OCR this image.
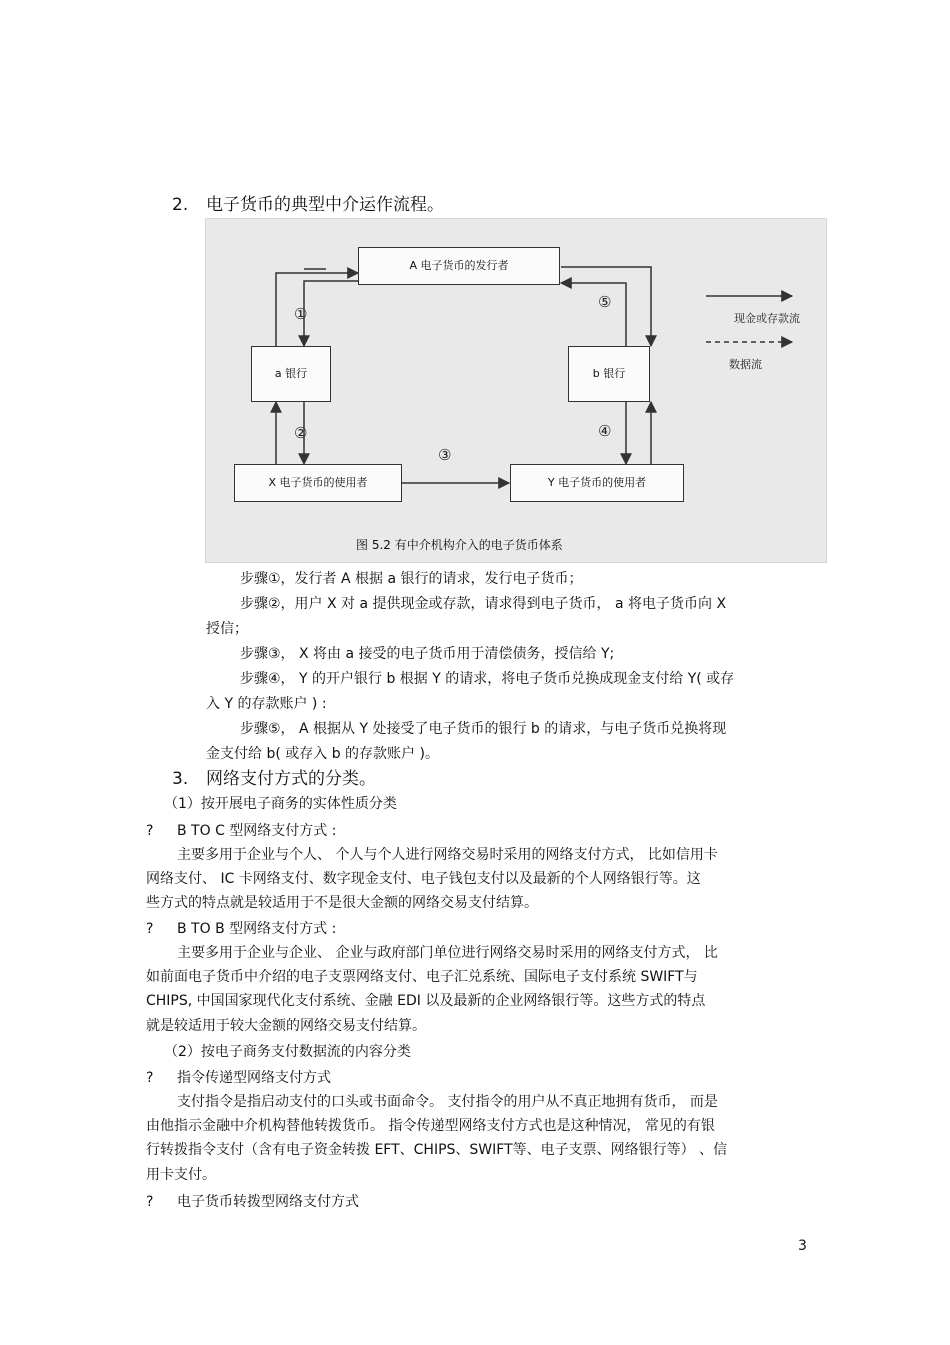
2. 电子货币的典型中介运作流程。
A 电子货币的发行者
a 银行	b 银行
X 电子货币的使用者	Y 电子货币的使用者
①
②
③
④
⑤
现金或存款流
数据流
图 5.2 有中介机构介入的电子货币体系
步骤①，发行者 A 根据 a 银行的请求，发行电子货币；
步骤②，用户 X 对 a 提供现金或存款，请求得到电子货币， a 将电子货币向 X
授信；
步骤③， X 将由 a 接受的电子货币用于清偿债务，授信给 Y;
步骤④， Y 的开户银行 b 根据 Y 的请求，将电子货币兑换成现金支付给 Y( 或存
入 Y 的存款账户 ) :
步骤⑤， A 根据从 Y 处接受了电子货币的银行 b 的请求，与电子货币兑换将现
金支付给 b( 或存入 b 的存款账户 )。
3. 网络支付方式的分类。
（1）按开展电子商务的实体性质分类
? B TO C 型网络支付方式 :
主要多用于企业与个人、 个人与个人进行网络交易时采用的网络支付方式， 比如信用卡
网络支付、 IC 卡网络支付、数字现金支付、电子钱包支付以及最新的个人网络银行等。这
些方式的特点就是较适用于不是很大金额的网络交易支付结算。
? B TO B 型网络支付方式 :
主要多用于企业与企业、 企业与政府部门单位进行网络交易时采用的网络支付方式， 比
如前面电子货币中介绍的电子支票网络支付、电子汇兑系统、国际电子支付系统 SWIFT与
CHIPS, 中国国家现代化支付系统、金融 EDI 以及最新的企业网络银行等。这些方式的特点
就是较适用于较大金额的网络交易支付结算。
（2）按电子商务支付数据流的内容分类
? 指令传递型网络支付方式
支付指令是指启动支付的口头或书面命令。 支付指令的用户从不真正地拥有货币， 而是
由他指示金融中介机构替他转拨货币。 指令传递型网络支付方式也是这种情况， 常见的有银
行转拨指令支付（含有电子资金转拨 EFT、CHIPS、SWIFT等、电子支票、网络银行等） 、信
用卡支付。
? 电子货币转拨型网络支付方式
3
